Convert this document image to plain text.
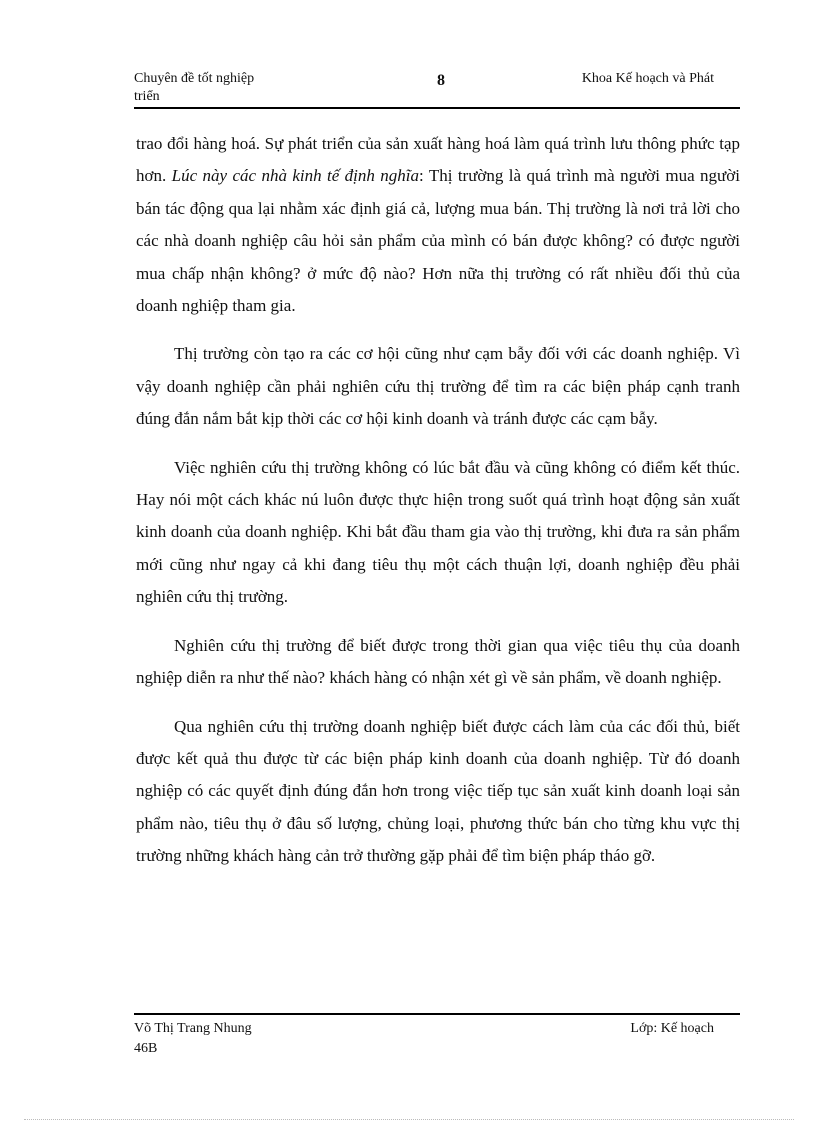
Chuyên đề tốt nghiệp
triển
8	Khoa Kế hoạch và Phát

trao đổi hàng hoá. Sự phát triển của sản xuất hàng hoá làm quá trình lưu thông phức tạp hơn. Lúc này các nhà kinh tế định nghĩa: Thị trường là quá trình mà người mua người bán tác động qua lại nhằm xác định giá cả, lượng mua bán. Thị trường là nơi trả lời cho các nhà doanh nghiệp câu hỏi sản phẩm của mình có bán được không? có được người mua chấp nhận không? ở mức độ nào? Hơn nữa thị trường có rất nhiều đối thủ của doanh nghiệp tham gia.

Thị trường còn tạo ra các cơ hội cũng như cạm bẫy đối với các doanh nghiệp. Vì vậy doanh nghiệp cần phải nghiên cứu thị trường để tìm ra các biện pháp cạnh tranh đúng đắn nắm bắt kịp thời các cơ hội kinh doanh và tránh được các cạm bẫy.

Việc nghiên cứu thị trường không có lúc bắt đầu và cũng không có điểm kết thúc. Hay nói một cách khác nú luôn được thực hiện trong suốt quá trình hoạt động sản xuất kinh doanh của doanh nghiệp. Khi bắt đầu tham gia vào thị trường, khi đưa ra sản phẩm mới cũng như ngay cả khi đang tiêu thụ một cách thuận lợi, doanh nghiệp đều phải nghiên cứu thị trường.

Nghiên cứu thị trường để biết được trong thời gian qua việc tiêu thụ của doanh nghiệp diễn ra như thế nào? khách hàng có nhận xét gì về sản phẩm, về doanh nghiệp.

Qua nghiên cứu thị trường doanh nghiệp biết được cách làm của các đối thủ, biết được kết quả thu được từ các biện pháp kinh doanh của doanh nghiệp. Từ đó doanh nghiệp có các quyết định đúng đắn hơn trong việc tiếp tục sản xuất kinh doanh loại sản phẩm nào, tiêu thụ ở đâu số lượng, chủng loại, phương thức bán cho từng khu vực thị trường những khách hàng cản trở thường gặp phải để tìm biện pháp tháo gỡ.

Võ Thị Trang Nhung
46B
Lớp: Kế hoạch
